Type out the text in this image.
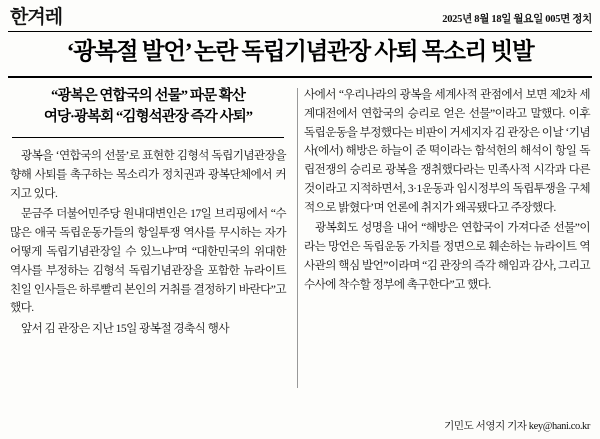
한겨레	2025년 8월 18일 월요일 005면 정치
‘광복절 발언’ 논란 독립기념관장 사퇴 목소리 빗발
“광복은 연합국의 선물” 파문 확산
여당·광복회 “김형석관장 즉각 사퇴”

광복을 ‘연합국의 선물’로 표현한 김형석 독립기념관장을 향해 사퇴를 촉구하는 목소리가 정치권과 광복단체에서 커지고 있다.

문금주 더불어민주당 원내대변인은 17일 브리핑에서 “수많은 애국 독립운동가들의 항일투쟁 역사를 무시하는 자가 어떻게 독립기념관장일 수 있느냐”며 “대한민국의 위대한 역사를 부정하는 김형석 독립기념관장을 포함한 뉴라이트 친일 인사들은 하루빨리 본인의 거취를 결정하기 바란다”고 했다.

앞서 김 관장은 지난 15일 광복절 경축식 행사

사에서 “우리나라의 광복을 세계사적 관점에서 보면 제2차 세계대전에서 연합국의 승리로 얻은 선물”이라고 말했다. 이후 독립운동을 부정했다는 비판이 거세지자 김 관장은 이날 ‘기념사(에서) 해방은 하늘이 준 떡이라는 함석헌의 해석이 항일 독립전쟁의 승리로 광복을 쟁취했다라는 민족사적 시각과 다른 것이라고 지적하면서, 3·1운동과 임시정부의 독립투쟁을 구체적으로 밝혔다’며 언론에 취지가 왜곡됐다고 주장했다.

광복회도 성명을 내어 “해방은 연합국이 가져다준 선물”이라는 망언은 독립운동 가치를 정면으로 훼손하는 뉴라이트 역사관의 핵심 발언”이라며 “김 관장의 즉각 해임과 감사, 그리고 수사에 착수할 정부에 촉구한다”고 했다.

기민도 서영지 기자 key@hani.co.kr
